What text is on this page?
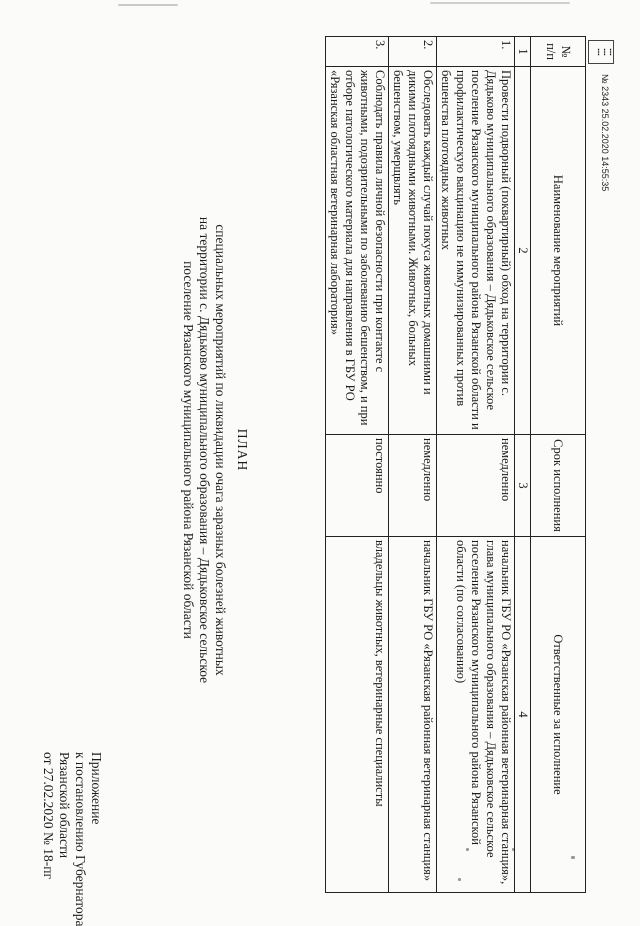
Приложение
к постановлению Губернатора
Рязанской области
от 27.02.2020 № 18-пг
ПЛАН
специальных мероприятий по ликвидации очага заразных болезней животных
на территории с. Дядьково муниципального образования – Дядьковское сельское
поселение Рязанского муниципального района Рязанской области
№ п/п	Наименование мероприятий	Срок исполнения	Ответственные за исполнение
1	2	3	4
1.	Провести подворный (поквартирный) обход на территории с. Дядьково муниципального образования – Дядьковское сельское поселение Рязанского муниципального района Рязанской области и профилактическую вакцинацию не иммунизированных против бешенства плотоядных животных	немедленно	начальник ГБУ РО «Рязанская районная ветеринарная станция», глава муниципального образования – Дядьковское сельское поселение Рязанского муниципального района Рязанской области (по согласованию)
2.	Обследовать каждый случай покуса животных домашними и дикими плотоядными животными. Животных, больных бешенством, умерщвлять	немедленно	начальник ГБУ РО «Рязанская районная ветеринарная станция»
3.	Соблюдать правила личной безопасности при контакте с животными, подозрительными по заболеванию бешенством, и при отборе патологического материала для направления в ГБУ РО «Рязанская областная ветеринарная лаборатория»	постоянно	владельцы животных, ветеринарные специалисты
▪▪▪▪
▪▪▪▪
▪▪▪▪
№ 2343 25.02.2020 14:55:35
